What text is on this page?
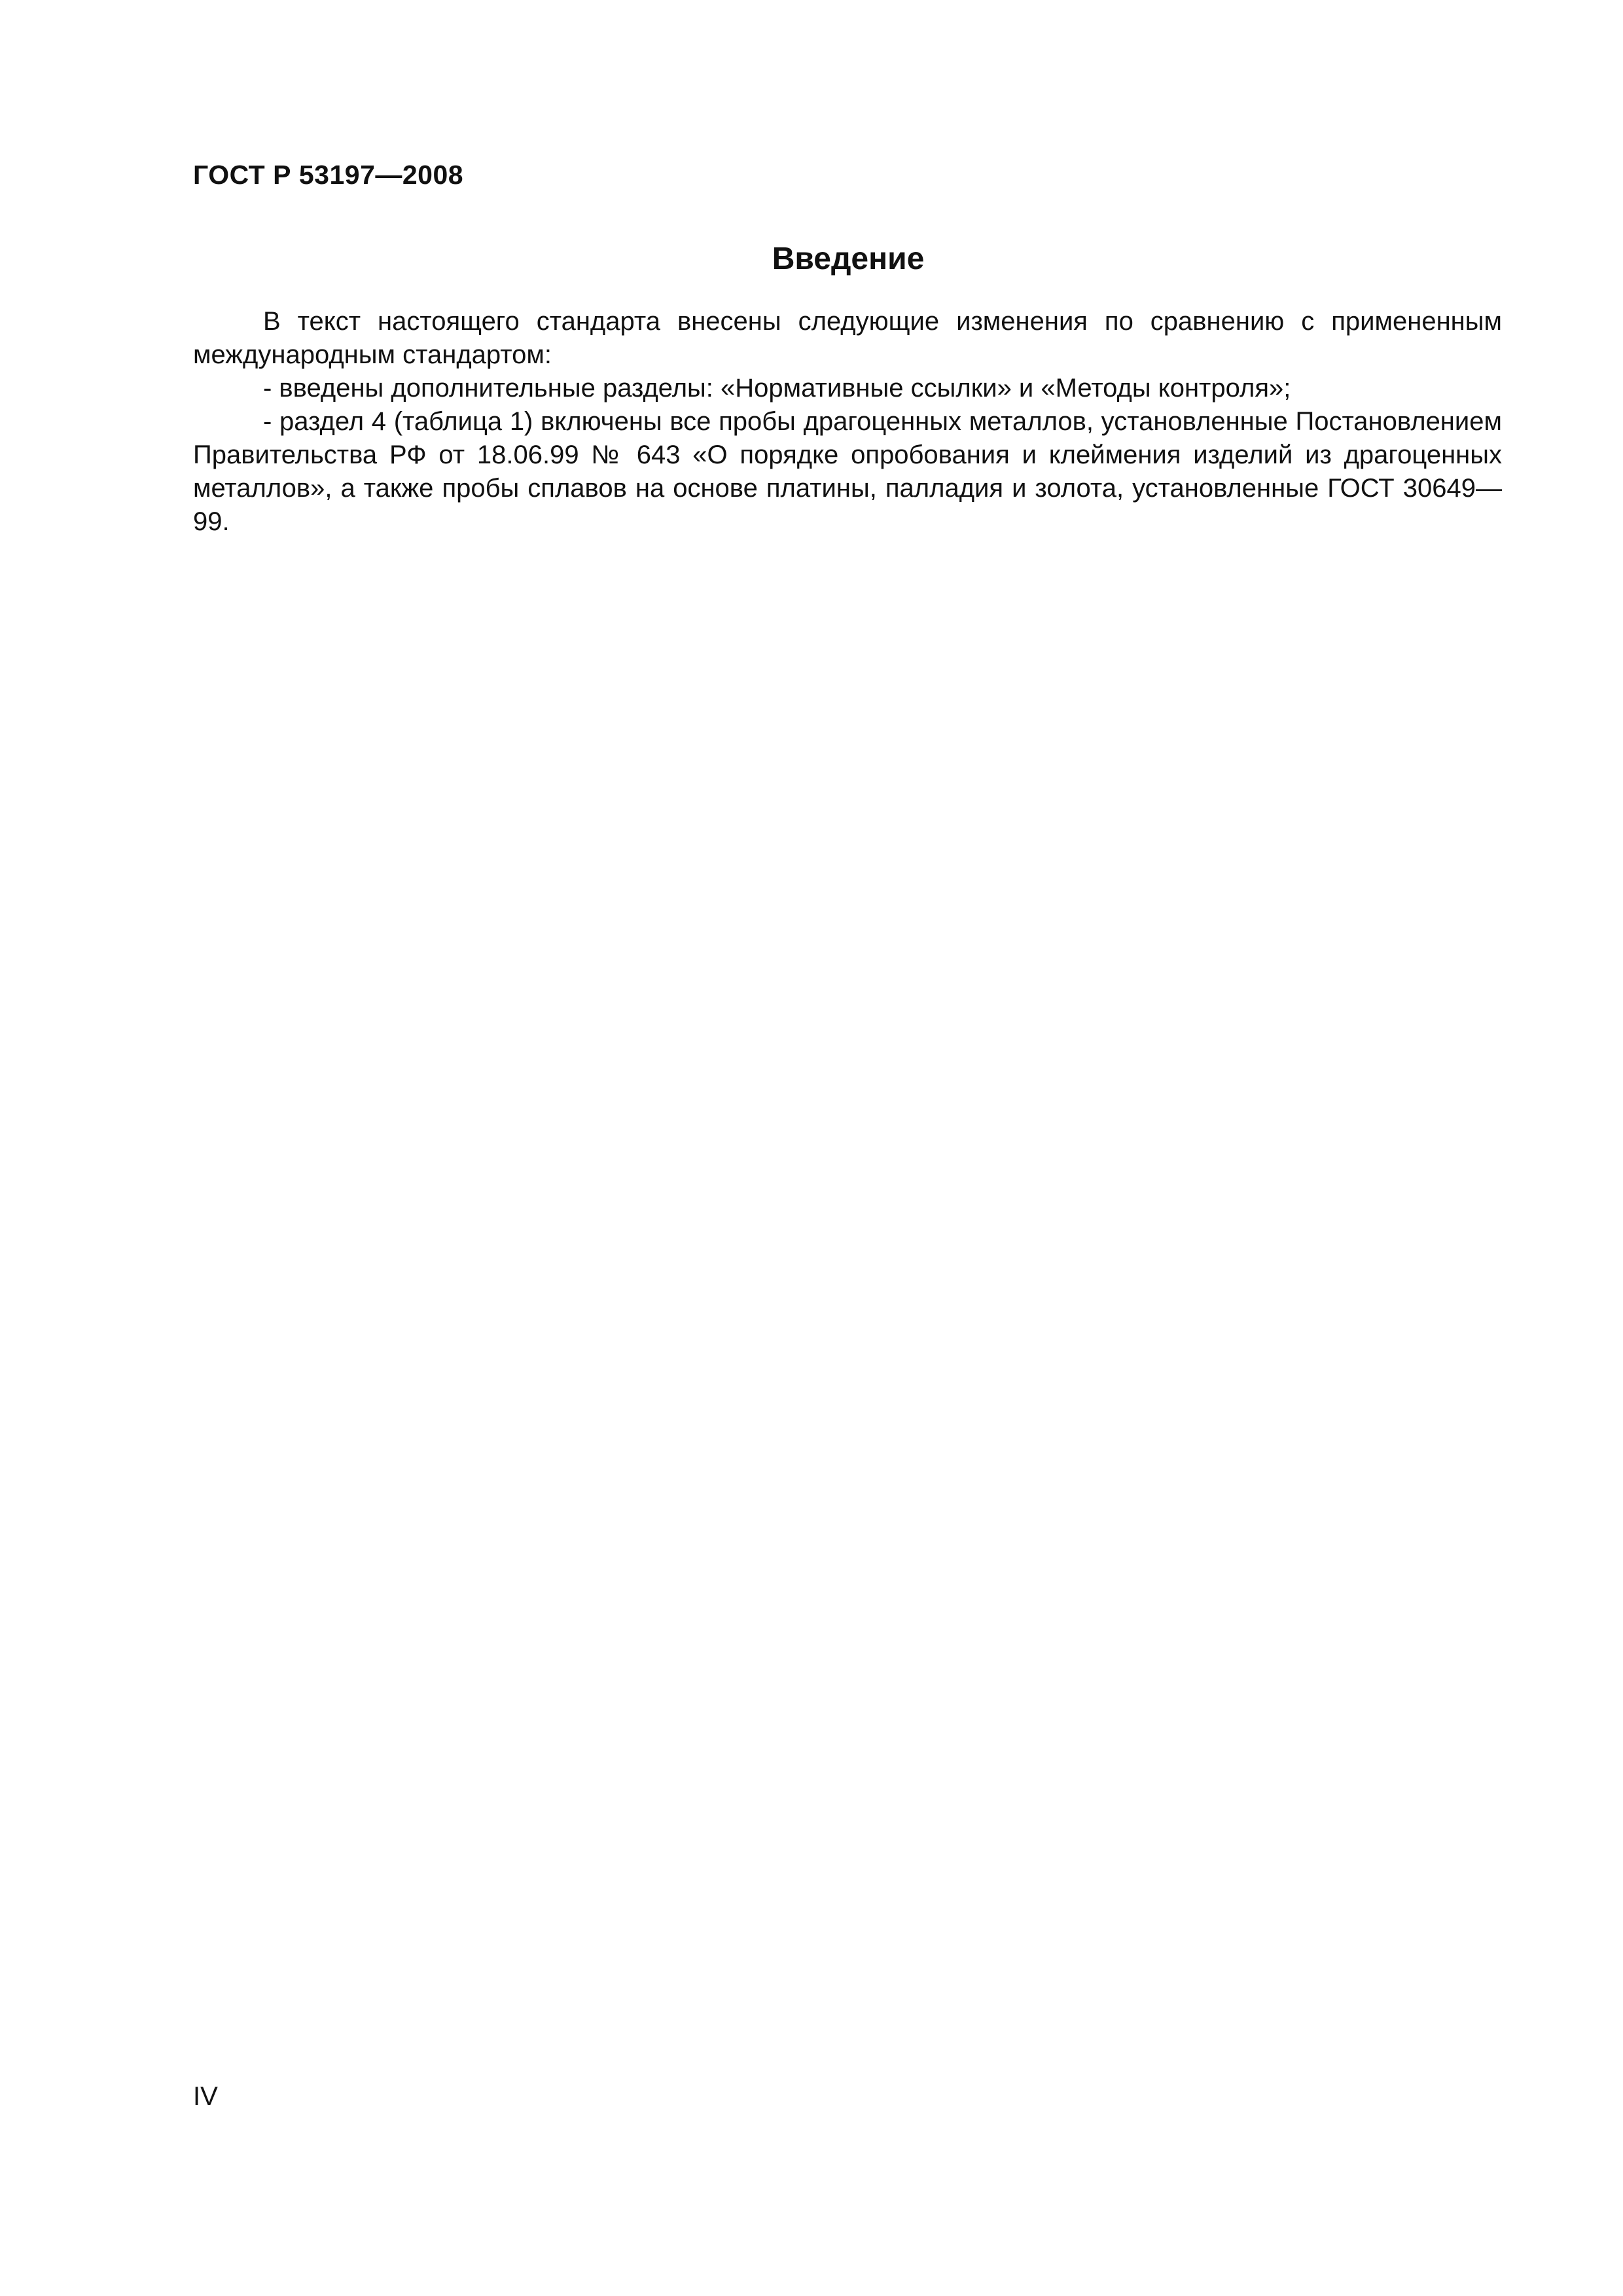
ГОСТ Р 53197—2008
Введение

В текст настоящего стандарта внесены следующие изменения по сравнению с примененным международным стандартом:

- введены дополнительные разделы: «Нормативные ссылки» и «Методы контроля»;

- раздел 4 (таблица 1) включены все пробы драгоценных металлов, установленные Постановлением Правительства РФ от 18.06.99 № 643 «О порядке опробования и клеймения изделий из драгоценных металлов», а также пробы сплавов на основе платины, палладия и золота, установленные ГОСТ 30649—99.

IV
